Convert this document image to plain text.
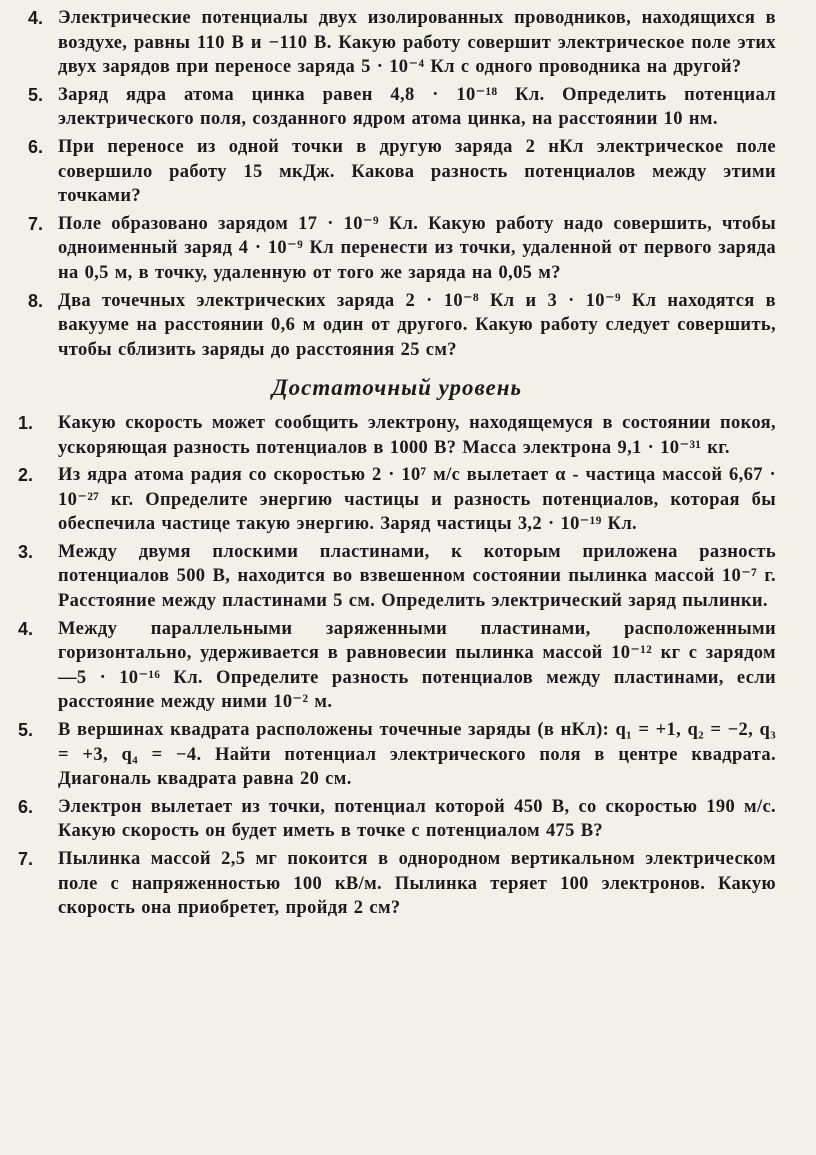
4. Электрические потенциалы двух изолированных проводников, находящихся в воздухе, равны 110 В и −110 В. Какую работу совершит электрическое поле этих двух зарядов при переносе заряда 5 · 10⁻⁴ Кл с одного проводника на другой?
5. Заряд ядра атома цинка равен 4,8 · 10⁻¹⁸ Кл. Определить потенциал электрического поля, созданного ядром атома цинка, на расстоянии 10 нм.
6. При переносе из одной точки в другую заряда 2 нКл электрическое поле совершило работу 15 мкДж. Какова разность потенциалов между этими точками?
7. Поле образовано зарядом 17 · 10⁻⁹ Кл. Какую работу надо совершить, чтобы одноименный заряд 4 · 10⁻⁹ Кл перенести из точки, удаленной от первого заряда на 0,5 м, в точку, удаленную от того же заряда на 0,05 м?
8. Два точечных электрических заряда 2 · 10⁻⁸ Кл и 3 · 10⁻⁹ Кл находятся в вакууме на расстоянии 0,6 м один от другого. Какую работу следует совершить, чтобы сблизить заряды до расстояния 25 см?
Достаточный уровень
1.	Какую скорость может сообщить электрону, находящемуся в состоянии покоя, ускоряющая разность потенциалов в 1000 В? Масса электрона 9,1 · 10⁻³¹ кг.
2.	Из ядра атома радия со скоростью 2 · 10⁷ м/с вылетает α - частица массой 6,67 · 10⁻²⁷ кг. Определите энергию частицы и разность потенциалов, которая бы обеспечила частице такую энергию. Заряд частицы 3,2 · 10⁻¹⁹ Кл.
3.	Между двумя плоскими пластинами, к которым приложена разность потенциалов 500 В, находится во взвешенном состоянии пылинка массой 10⁻⁷ г. Расстояние между пластинами 5 см. Определить электрический заряд пылинки.
4.	Между параллельными заряженными пластинами, расположенными горизонтально, удерживается в равновесии пылинка массой 10⁻¹² кг с зарядом —5 · 10⁻¹⁶ Кл. Определите разность потенциалов между пластинами, если расстояние между ними 10⁻² м.
5.	В вершинах квадрата расположены точечные заряды (в нКл): q₁ = +1, q₂ = −2, q₃ = +3, q₄ = −4. Найти потенциал электрического поля в центре квадрата. Диагональ квадрата равна 20 см.
6.	Электрон вылетает из точки, потенциал которой 450 В, со скоростью 190 м/с. Какую скорость он будет иметь в точке с потенциалом 475 В?
7.	Пылинка массой 2,5 мг покоится в однородном вертикальном электрическом поле с напряженностью 100 кВ/м. Пылинка теряет 100 электронов. Какую скорость она приобретет, пройдя 2 см?
